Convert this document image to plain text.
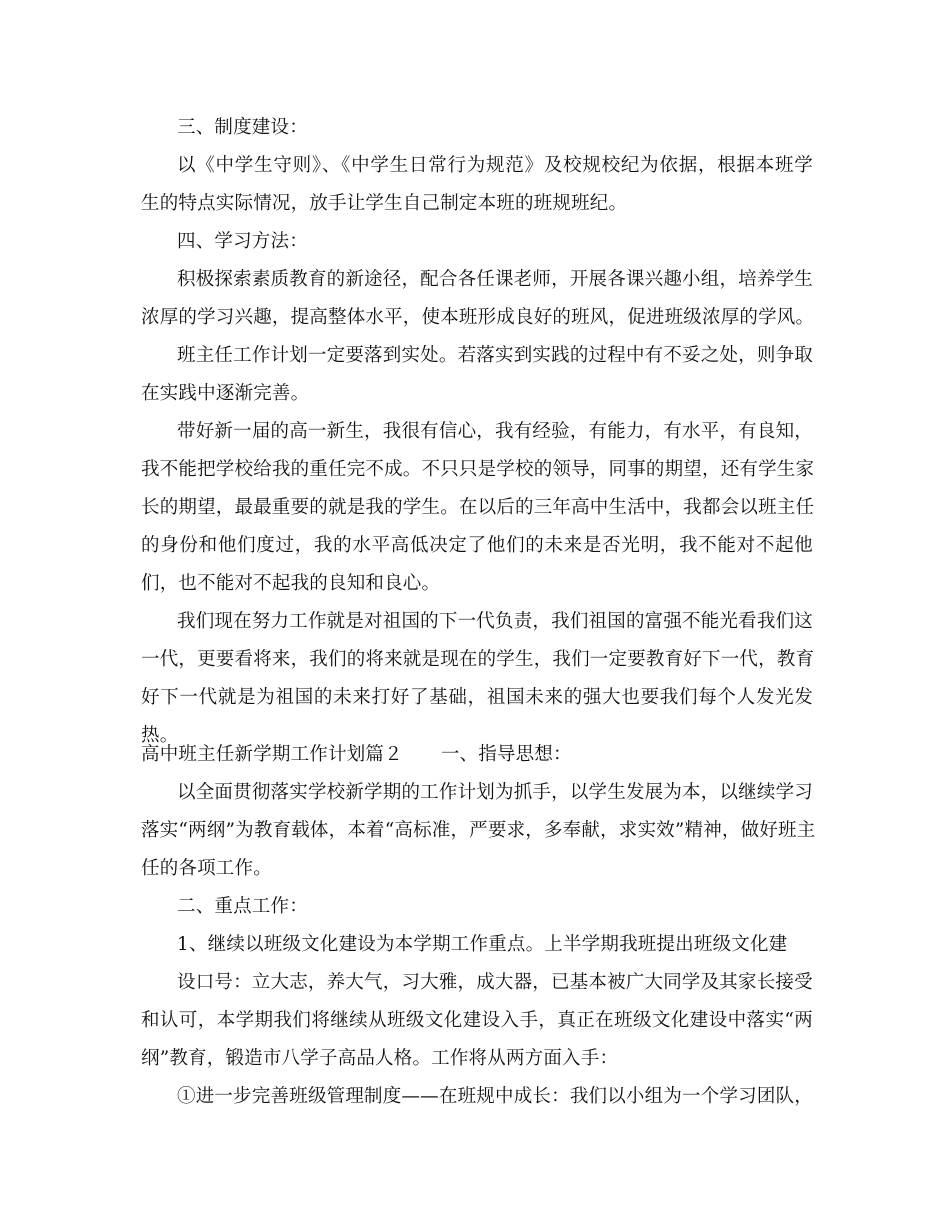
三、制度建设：
以《中学生守则》、《中学生日常行为规范》及校规校纪为依据，根据本班学
生的特点实际情况，放手让学生自己制定本班的班规班纪。
四、学习方法：
积极探索素质教育的新途径，配合各任课老师，开展各课兴趣小组，培养学生
浓厚的学习兴趣，提高整体水平，使本班形成良好的班风，促进班级浓厚的学风。
班主任工作计划一定要落到实处。若落实到实践的过程中有不妥之处，则争取
在实践中逐渐完善。
带好新一届的高一新生，我很有信心，我有经验，有能力，有水平，有良知，
我不能把学校给我的重任完不成。不只只是学校的领导，同事的期望，还有学生家
长的期望，最最重要的就是我的学生。在以后的三年高中生活中，我都会以班主任
的身份和他们度过，我的水平高低决定了他们的未来是否光明，我不能对不起他
们，也不能对不起我的良知和良心。
我们现在努力工作就是对祖国的下一代负责，我们祖国的富强不能光看我们这
一代，更要看将来，我们的将来就是现在的学生，我们一定要教育好下一代，教育
好下一代就是为祖国的未来打好了基础，祖国未来的强大也要我们每个人发光发
热。
高中班主任新学期工作计划篇２ 一、指导思想：
以全面贯彻落实学校新学期的工作计划为抓手，以学生发展为本，以继续学习
落实“两纲”为教育载体，本着“高标准，严要求，多奉献，求实效”精神，做好班主
任的各项工作。
二、重点工作：
1、继续以班级文化建设为本学期工作重点。上半学期我班提出班级文化建
设口号：立大志，养大气，习大雅，成大器，已基本被广大同学及其家长接受
和认可，本学期我们将继续从班级文化建设入手，真正在班级文化建设中落实“两
纲”教育，锻造市八学子高品人格。工作将从两方面入手：
①进一步完善班级管理制度——在班规中成长：我们以小组为一个学习团队，
